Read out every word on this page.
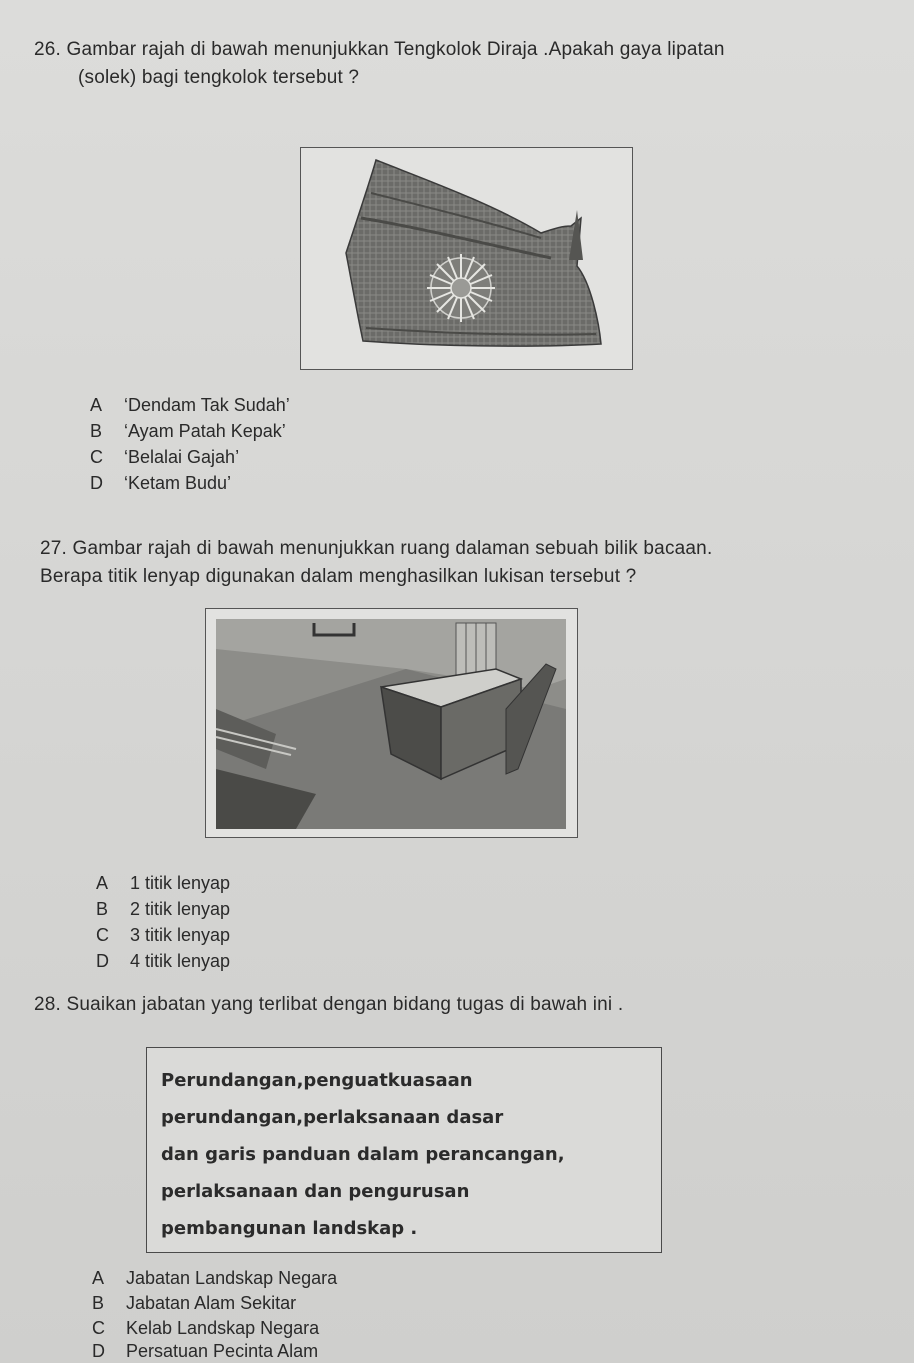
26. Gambar rajah di bawah menunjukkan Tengkolok Diraja .Apakah gaya lipatan
(solek) bagi tengkolok tersebut ?
A ‘Dendam Tak Sudah’
B ‘Ayam Patah Kepak’
C ‘Belalai Gajah’
D ‘Ketam Budu’
27. Gambar rajah di bawah menunjukkan ruang dalaman sebuah bilik bacaan.
Berapa titik lenyap digunakan dalam menghasilkan lukisan tersebut ?
A 1 titik lenyap
B 2 titik lenyap
C 3 titik lenyap
D 4 titik lenyap
28. Suaikan jabatan yang terlibat dengan bidang tugas di bawah ini .
Perundangan,penguatkuasaan
perundangan,perlaksanaan dasar
dan garis panduan dalam perancangan,
perlaksanaan dan pengurusan
pembangunan landskap .
A Jabatan Landskap Negara
B Jabatan Alam Sekitar
C Kelab Landskap Negara
D Persatuan Pecinta Alam
